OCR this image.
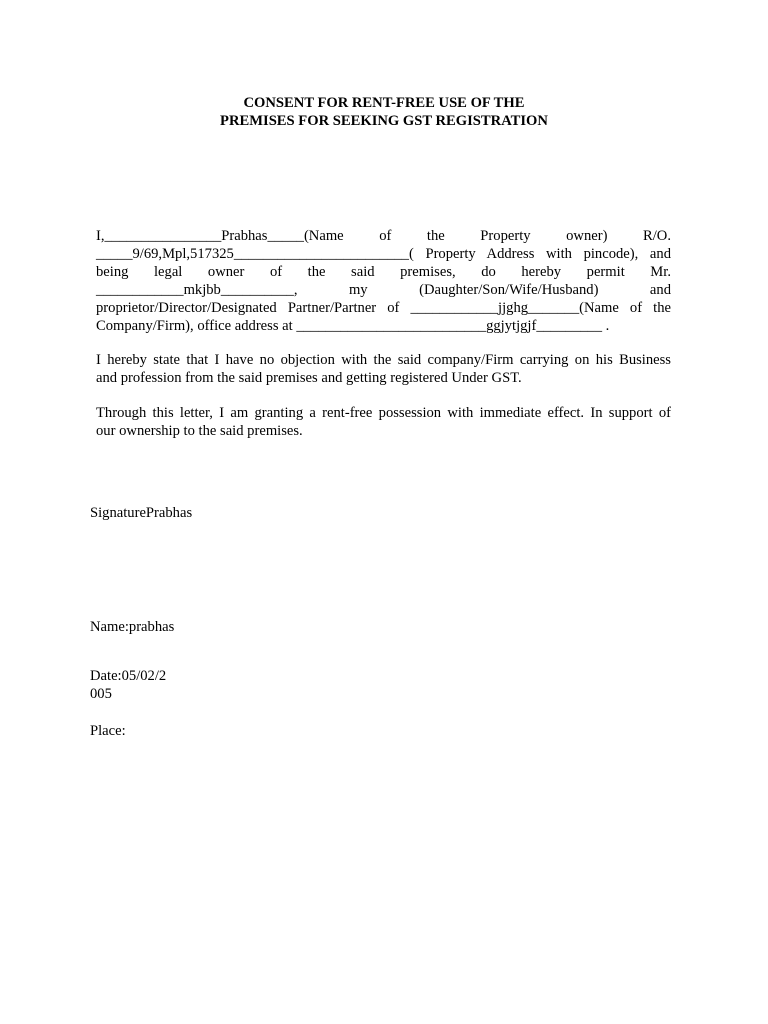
CONSENT FOR RENT-FREE USE OF THE
PREMISES FOR SEEKING GST REGISTRATION
I,________________Prabhas_____(Name of the Property owner) R/O.
_____9/69,Mpl,517325________________________( Property Address with pincode), and
being legal owner of the said premises, do hereby permit Mr.
____________mkjbb__________, my (Daughter/Son/Wife/Husband) and
proprietor/Director/Designated Partner/Partner of ____________jjghg_______(Name of the
Company/Firm), office address at __________________________ggjytjgjf_________ .
I hereby state that I have no objection with the said company/Firm carrying on his Business
and profession from the said premises and getting registered Under GST.
Through this letter, I am granting a rent-free possession with immediate effect. In support of
our ownership to the said premises.
SignaturePrabhas
Name:prabhas
Date:05/02/2
005
Place:
